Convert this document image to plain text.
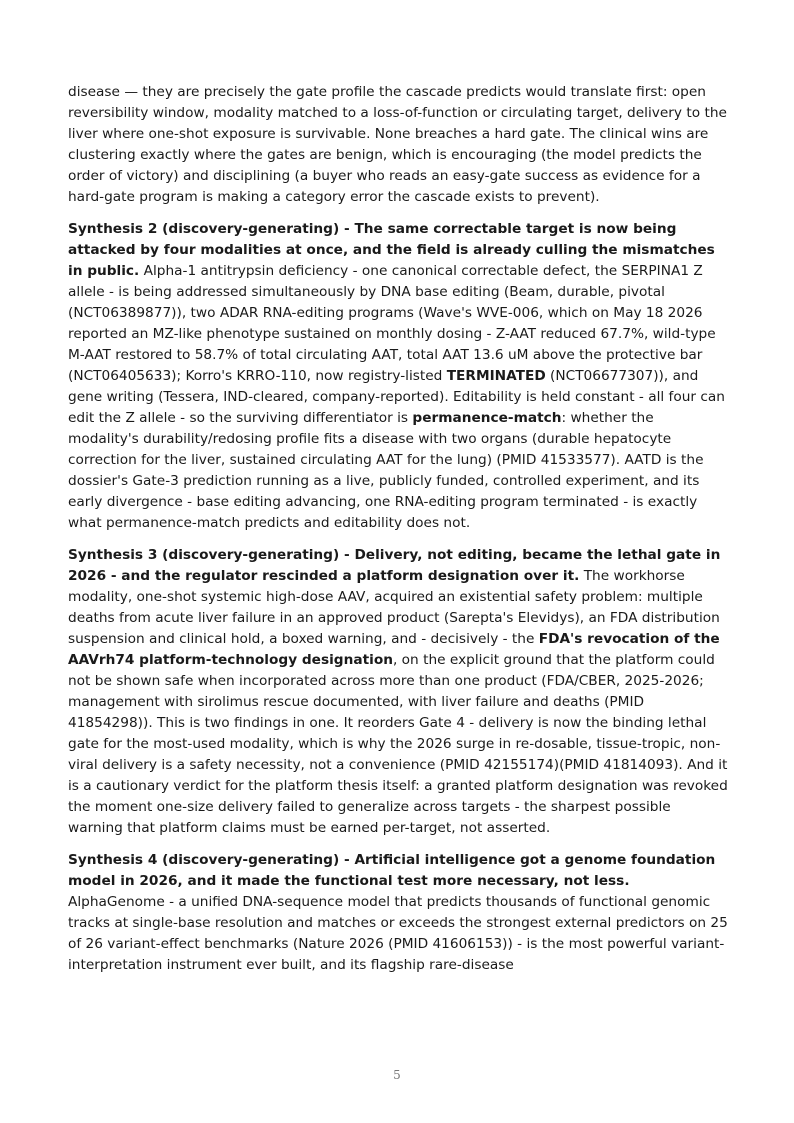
disease — they are precisely the gate profile the cascade predicts would translate first: open reversibility window, modality matched to a loss-of-function or circulating target, delivery to the liver where one-shot exposure is survivable. None breaches a hard gate. The clinical wins are clustering exactly where the gates are benign, which is encouraging (the model predicts the order of victory) and disciplining (a buyer who reads an easy-gate success as evidence for a hard-gate program is making a category error the cascade exists to prevent).

Synthesis 2 (discovery-generating) - The same correctable target is now being attacked by four modalities at once, and the field is already culling the mismatches in public. Alpha-1 antitrypsin deficiency - one canonical correctable defect, the SERPINA1 Z allele - is being addressed simultaneously by DNA base editing (Beam, durable, pivotal (NCT06389877)), two ADAR RNA-editing programs (Wave's WVE-006, which on May 18 2026 reported an MZ-like phenotype sustained on monthly dosing - Z-AAT reduced 67.7%, wild-type M-AAT restored to 58.7% of total circulating AAT, total AAT 13.6 uM above the protective bar (NCT06405633); Korro's KRRO-110, now registry-listed TERMINATED (NCT06677307)), and gene writing (Tessera, IND-cleared, company-reported). Editability is held constant - all four can edit the Z allele - so the surviving differentiator is permanence-match: whether the modality's durability/redosing profile fits a disease with two organs (durable hepatocyte correction for the liver, sustained circulating AAT for the lung) (PMID 41533577). AATD is the dossier's Gate-3 prediction running as a live, publicly funded, controlled experiment, and its early divergence - base editing advancing, one RNA-editing program terminated - is exactly what permanence-match predicts and editability does not.

Synthesis 3 (discovery-generating) - Delivery, not editing, became the lethal gate in 2026 - and the regulator rescinded a platform designation over it. The workhorse modality, one-shot systemic high-dose AAV, acquired an existential safety problem: multiple deaths from acute liver failure in an approved product (Sarepta's Elevidys), an FDA distribution suspension and clinical hold, a boxed warning, and - decisively - the FDA's revocation of the AAVrh74 platform-technology designation, on the explicit ground that the platform could not be shown safe when incorporated across more than one product (FDA/CBER, 2025-2026; management with sirolimus rescue documented, with liver failure and deaths (PMID 41854298)). This is two findings in one. It reorders Gate 4 - delivery is now the binding lethal gate for the most-used modality, which is why the 2026 surge in re-dosable, tissue-tropic, non-viral delivery is a safety necessity, not a convenience (PMID 42155174)(PMID 41814093). And it is a cautionary verdict for the platform thesis itself: a granted platform designation was revoked the moment one-size delivery failed to generalize across targets - the sharpest possible warning that platform claims must be earned per-target, not asserted.

Synthesis 4 (discovery-generating) - Artificial intelligence got a genome foundation model in 2026, and it made the functional test more necessary, not less. AlphaGenome - a unified DNA-sequence model that predicts thousands of functional genomic tracks at single-base resolution and matches or exceeds the strongest external predictors on 25 of 26 variant-effect benchmarks (Nature 2026 (PMID 41606153)) - is the most powerful variant-interpretation instrument ever built, and its flagship rare-disease

5
